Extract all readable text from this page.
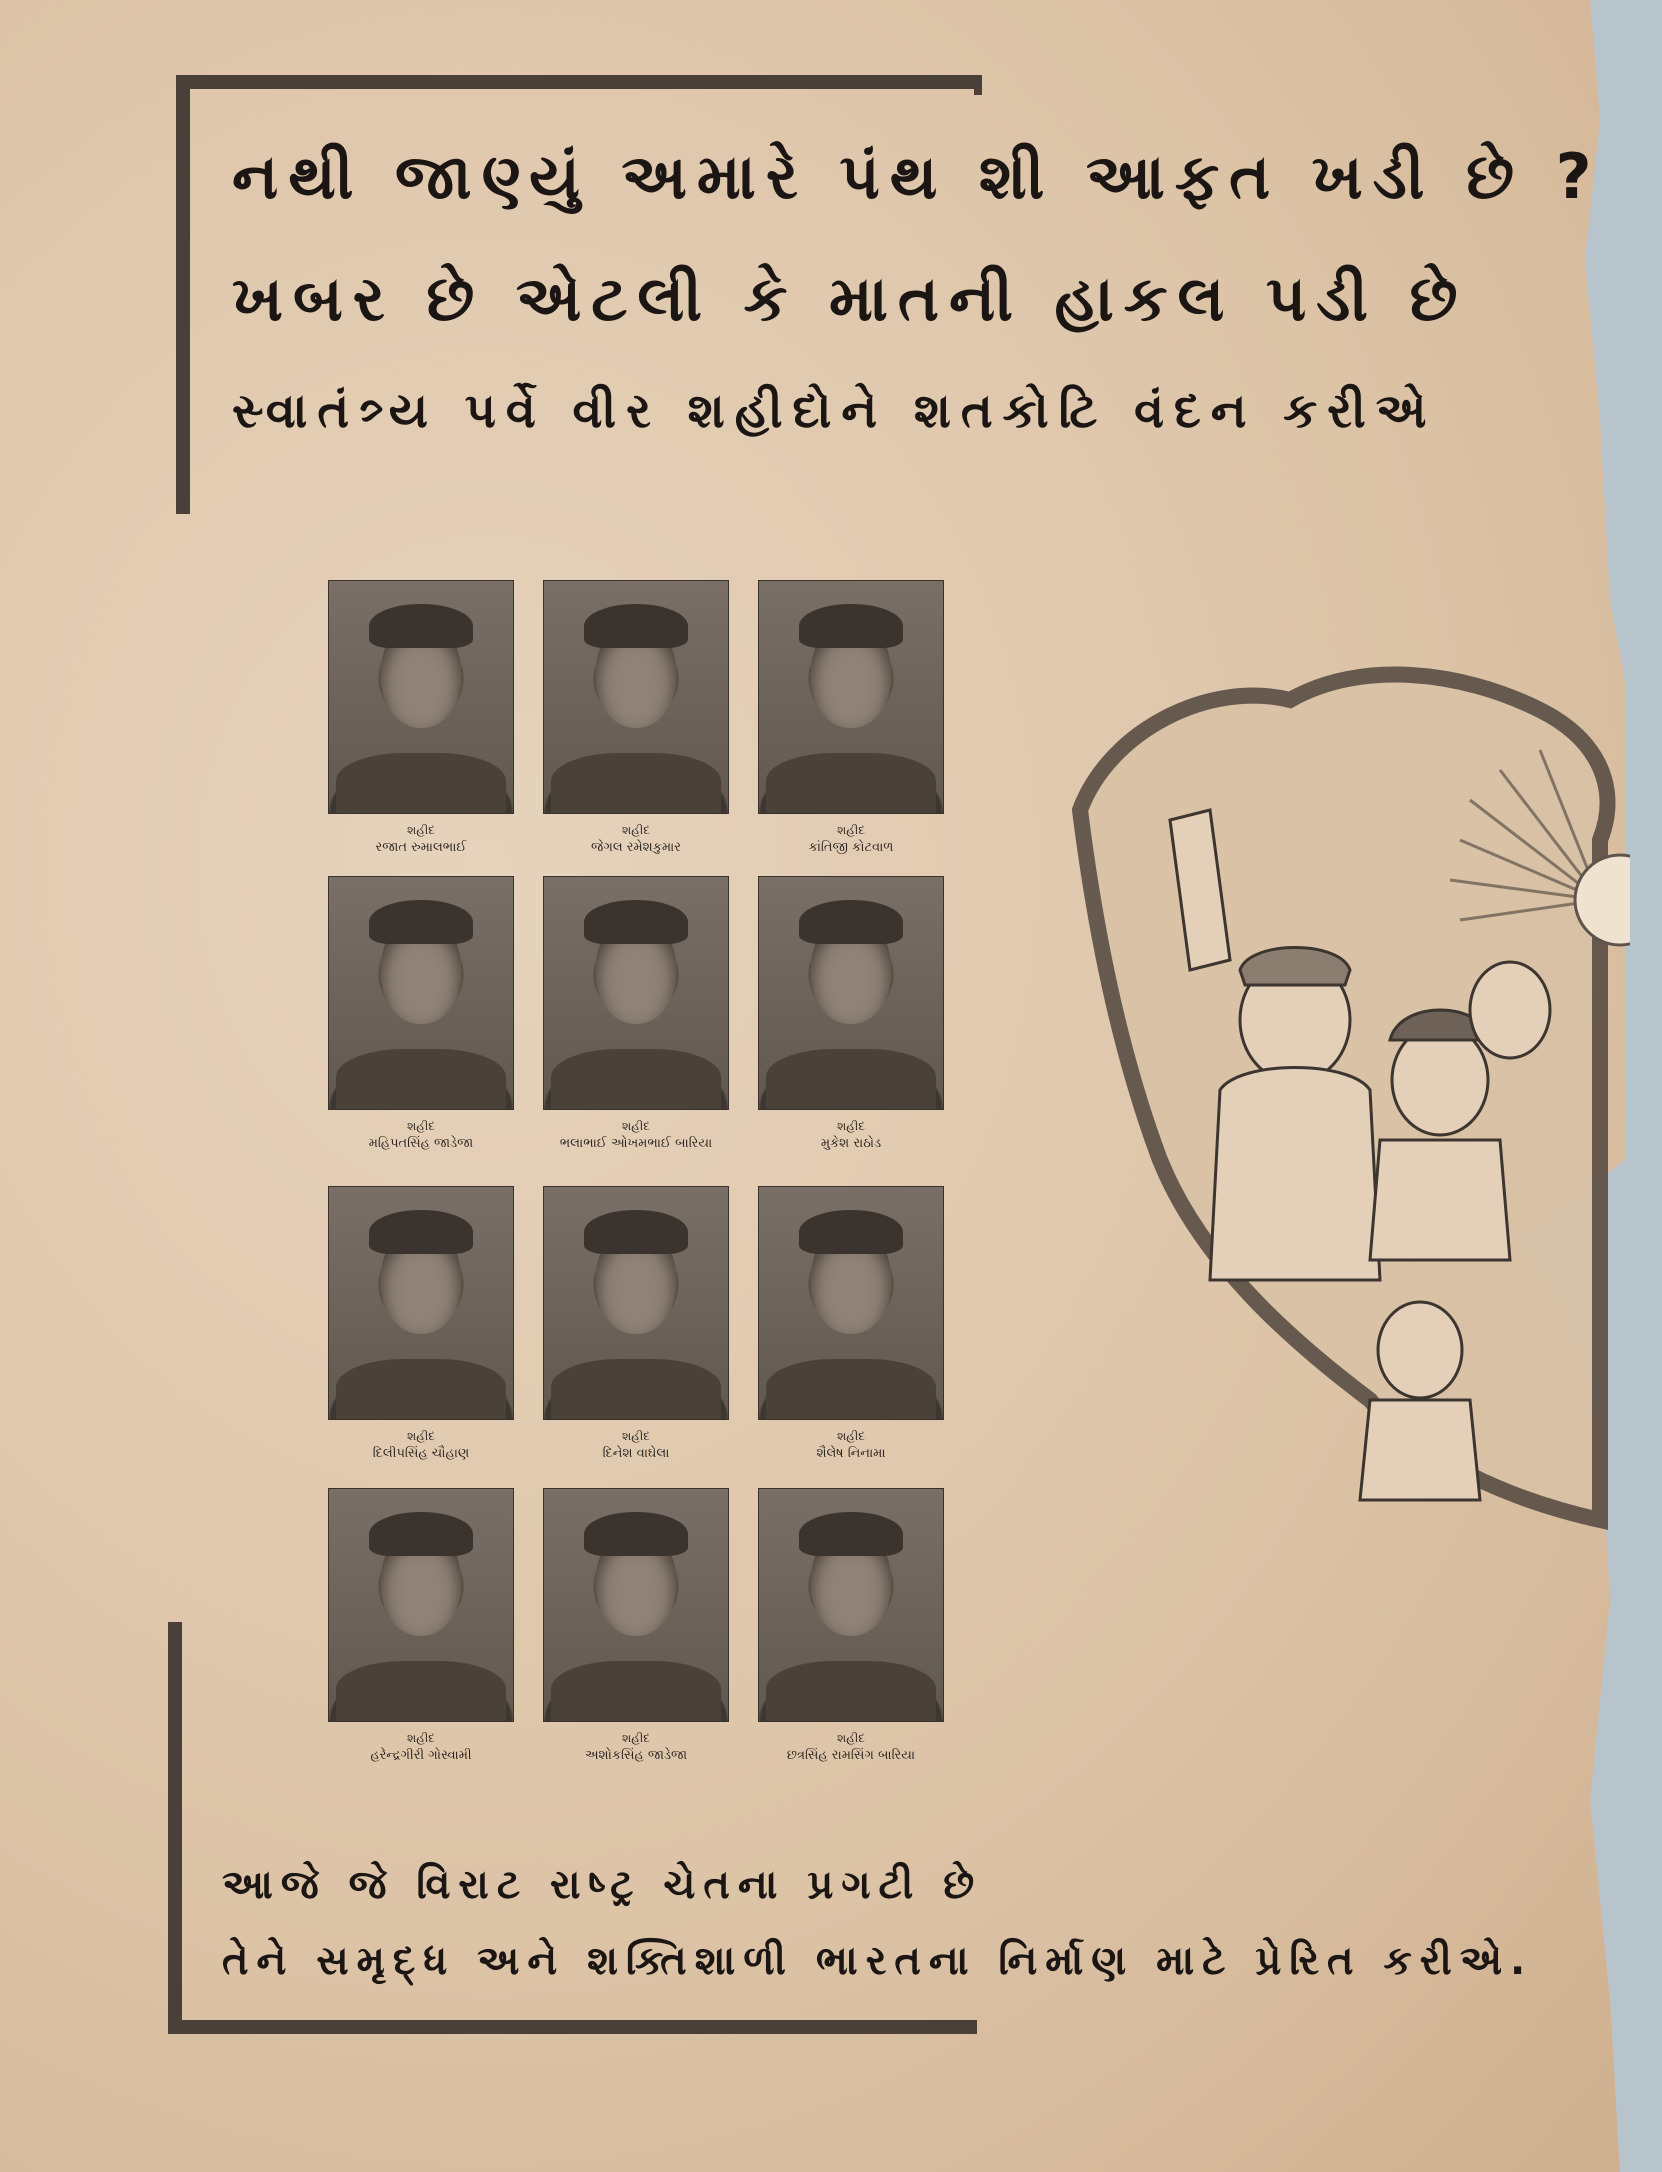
નથી જાણ્યું અમારે પંથ શી આફત ખડી છે ?
ખબર છે એટલી કે માતની હાકલ પડી છે
સ્વાતંત્ર્ય પર્વે વીર શહીદોને શતકોટિ વંદન કરીએ
શહીદ
રજાત રુમાલભાઈ
શહીદ
જેગલ રમેશકુમાર
શહીદ
કાંતિજી કોટવાળ
શહીદ
મહિપતસિંહ જાડેજા
શહીદ
ભલાભાઈ ઓખમભાઈ બારિયા
શહીદ
મુકેશ રાઠોડ
શહીદ
દિલીપસિંહ ચૌહાણ
શહીદ
દિનેશ વાઘેલા
શહીદ
શૈલેષ નિનામા
શહીદ
હરેન્દ્રગીરી ગોસ્વામી
શહીદ
અશોકસિંહ જાડેજા
શહીદ
છત્રસિંહ રામસિંગ બારિયા
આજે જે વિરાટ રાષ્ટ્ર ચેતના પ્રગટી છે
તેને સમૃદ્ધ અને શક્તિશાળી ભારતના નિર્માણ માટે પ્રેરિત કરીએ.
